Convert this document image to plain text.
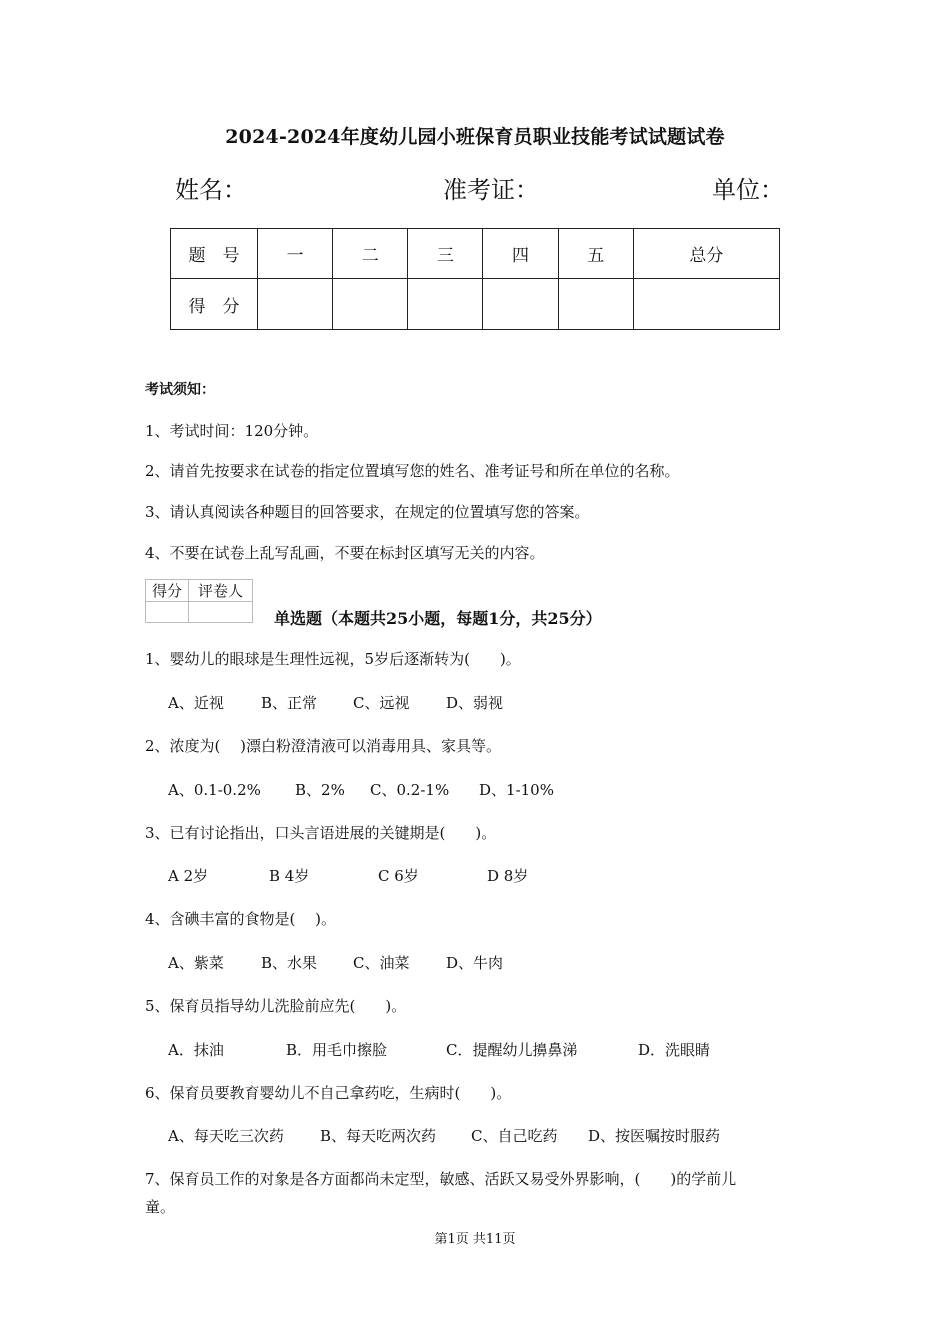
2024-2024年度幼儿园小班保育员职业技能考试试题试卷
姓名：	准考证：	单位：
题　号	一	二	三	四	五	总分
得　分						
考试须知：
1、考试时间：120分钟。
2、请首先按要求在试卷的指定位置填写您的姓名、准考证号和所在单位的名称。
3、请认真阅读各种题目的回答要求，在规定的位置填写您的答案。
4、不要在试卷上乱写乱画，不要在标封区填写无关的内容。
得分	评卷人

单选题（本题共25小题，每题1分，共25分）
1、婴幼儿的眼球是生理性远视，5岁后逐渐转为(　　)。
A、近视 B、正常 C、远视 D、弱视
2、浓度为(　 )漂白粉澄清液可以消毒用具、家具等。
A、0.1-0.2% B、2% C、0.2-1% D、1-10%
3、已有讨论指出，口头言语进展的关键期是(　　)。
A 2岁	B 4岁	C 6岁	D 8岁
4、含碘丰富的食物是(　 )。
A、紫菜 B、水果 C、油菜 D、牛肉
5、保育员指导幼儿洗脸前应先(　　)。
A．抹油	B．用毛巾擦脸	C．提醒幼儿擤鼻涕	D．洗眼睛
6、保育员要教育婴幼儿不自己拿药吃，生病时(　　)。
A、每天吃三次药 B、每天吃两次药 C、自己吃药 D、按医嘱按时服药
7、保育员工作的对象是各方面都尚未定型，敏感、活跃又易受外界影响，(　　)的学前儿
童。
第1页 共11页
